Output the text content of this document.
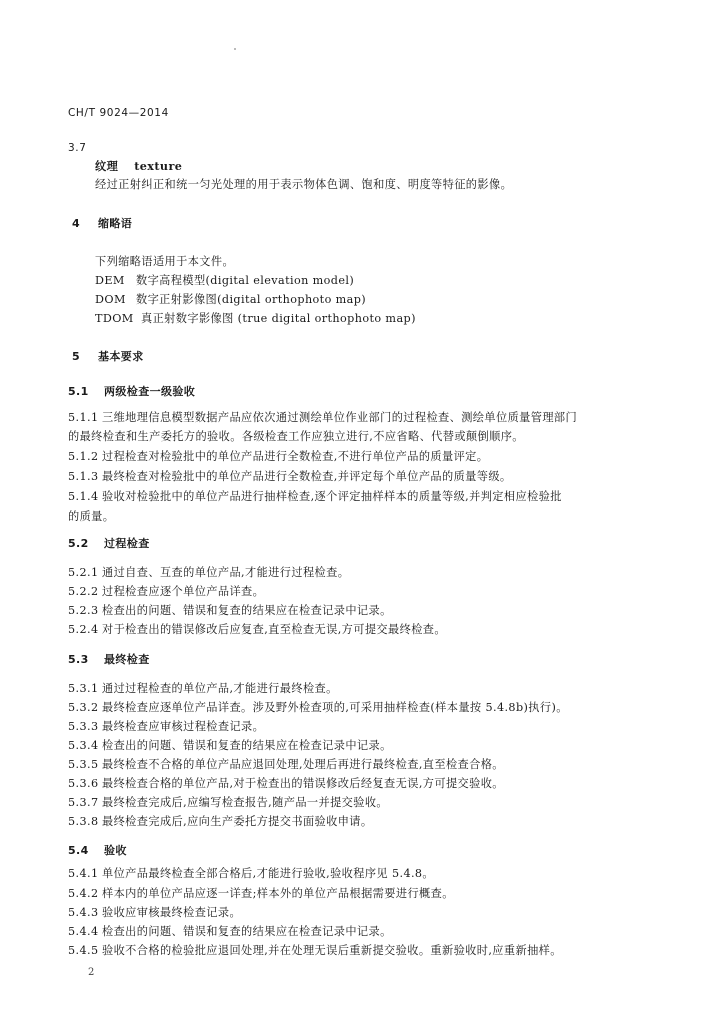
CH/T 9024—2014
3.7
纹理 texture
经过正射纠正和统一匀光处理的用于表示物体色调、饱和度、明度等特征的影像。
4 缩略语
下列缩略语适用于本文件。
DEM 数字高程模型(digital elevation model)
DOM 数字正射影像图(digital orthophoto map)
TDOM 真正射数字影像图 (true digital orthophoto map)
5 基本要求
5.1 两级检查一级验收
5.1.1 三维地理信息模型数据产品应依次通过测绘单位作业部门的过程检查、测绘单位质量管理部门
的最终检查和生产委托方的验收。各级检查工作应独立进行,不应省略、代替或颠倒顺序。
5.1.2 过程检查对检验批中的单位产品进行全数检查,不进行单位产品的质量评定。
5.1.3 最终检查对检验批中的单位产品进行全数检查,并评定每个单位产品的质量等级。
5.1.4 验收对检验批中的单位产品进行抽样检查,逐个评定抽样样本的质量等级,并判定相应检验批
的质量。
5.2 过程检查
5.2.1 通过自查、互查的单位产品,才能进行过程检查。
5.2.2 过程检查应逐个单位产品详查。
5.2.3 检查出的问题、错误和复查的结果应在检查记录中记录。
5.2.4 对于检查出的错误修改后应复查,直至检查无误,方可提交最终检查。
5.3 最终检查
5.3.1 通过过程检查的单位产品,才能进行最终检查。
5.3.2 最终检查应逐单位产品详查。涉及野外检查项的,可采用抽样检查(样本量按 5.4.8b)执行)。
5.3.3 最终检查应审核过程检查记录。
5.3.4 检查出的问题、错误和复查的结果应在检查记录中记录。
5.3.5 最终检查不合格的单位产品应退回处理,处理后再进行最终检查,直至检查合格。
5.3.6 最终检查合格的单位产品,对于检查出的错误修改后经复查无误,方可提交验收。
5.3.7 最终检查完成后,应编写检查报告,随产品一并提交验收。
5.3.8 最终检查完成后,应向生产委托方提交书面验收申请。
5.4 验收
5.4.1 单位产品最终检查全部合格后,才能进行验收,验收程序见 5.4.8。
5.4.2 样本内的单位产品应逐一详查;样本外的单位产品根据需要进行概查。
5.4.3 验收应审核最终检查记录。
5.4.4 检查出的问题、错误和复查的结果应在检查记录中记录。
5.4.5 验收不合格的检验批应退回处理,并在处理无误后重新提交验收。重新验收时,应重新抽样。
2
